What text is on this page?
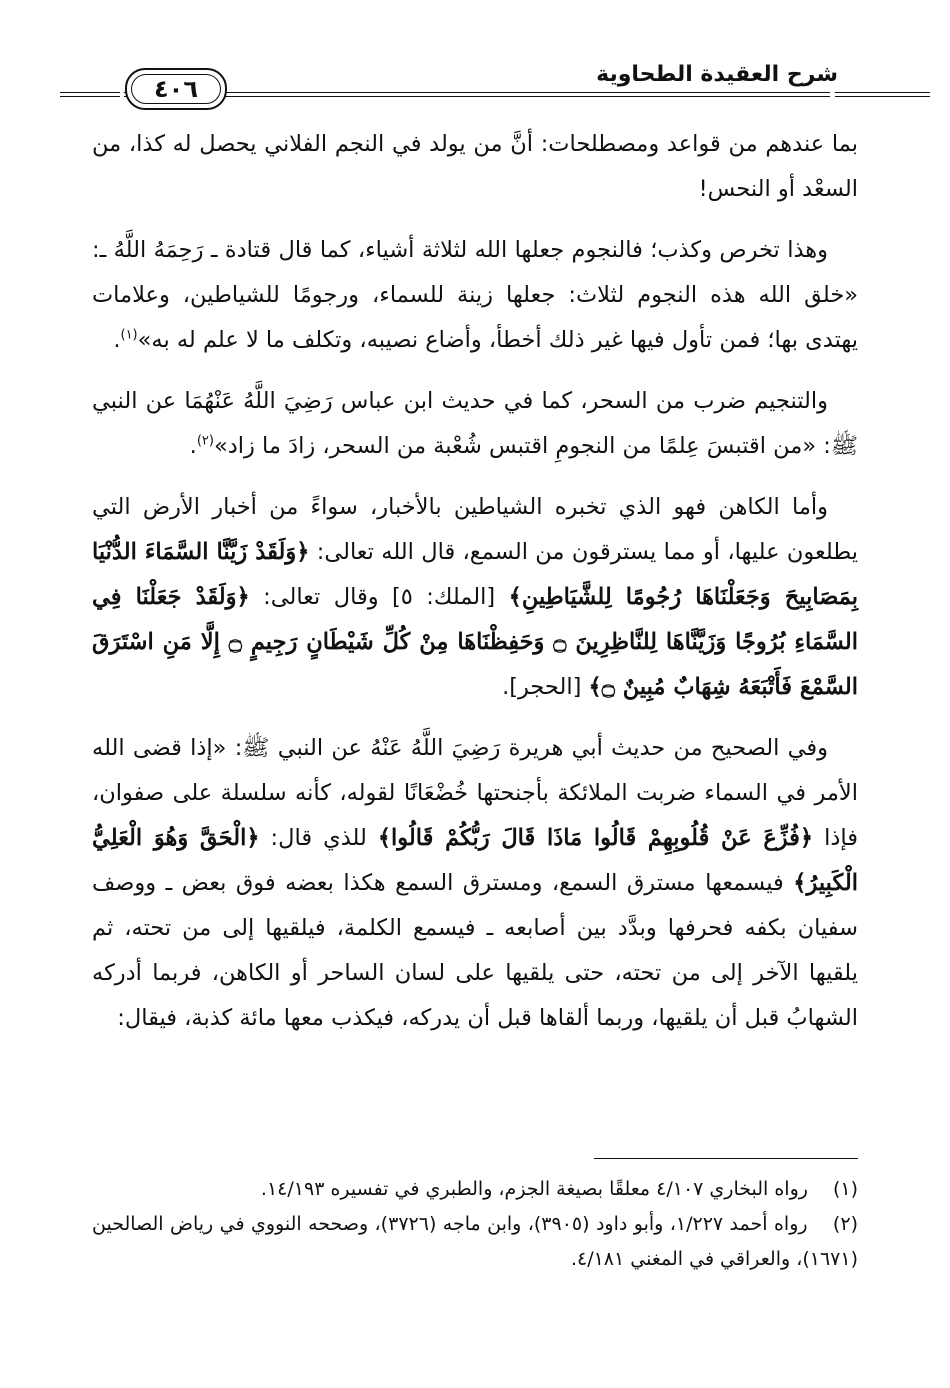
شرح العقيدة الطحاوية
٤٠٦

بما عندهم من قواعد ومصطلحات: أنَّ من يولد في النجم الفلاني يحصل له كذا، من السعْد أو النحس!

وهذا تخرص وكذب؛ فالنجوم جعلها الله لثلاثة أشياء، كما قال قتادة ـ رَحِمَهُ اللَّهُ ـ: «خلق الله هذه النجوم لثلاث: جعلها زينة للسماء، ورجومًا للشياطين، وعلامات يهتدى بها؛ فمن تأول فيها غير ذلك أخطأ، وأضاع نصيبه، وتكلف ما لا علم له به»$^{(١)}$.

والتنجيم ضرب من السحر، كما في حديث ابن عباس رَضِيَ اللَّهُ عَنْهُمَا عن النبي ﷺ: «من اقتبسَ عِلمًا من النجومِ اقتبس شُعْبة من السحر، زادَ ما زاد»$^{(٢)}$.

وأما الكاهن فهو الذي تخبره الشياطين بالأخبار، سواءً من أخبار الأرض التي يطلعون عليها، أو مما يسترقون من السمع، قال الله تعالى: ﴿وَلَقَدْ زَيَّنَّا السَّمَاءَ الدُّنْيَا بِمَصَابِيحَ وَجَعَلْنَاهَا رُجُومًا لِلشَّيَاطِينِ﴾ [الملك: ٥] وقال تعالى: ﴿وَلَقَدْ جَعَلْنَا فِي السَّمَاءِ بُرُوجًا وَزَيَّنَّاهَا لِلنَّاظِرِينَ ۝ وَحَفِظْنَاهَا مِنْ كُلِّ شَيْطَانٍ رَجِيمٍ ۝ إِلَّا مَنِ اسْتَرَقَ السَّمْعَ فَأَتْبَعَهُ شِهَابٌ مُبِينٌ ۝﴾ [الحجر].

وفي الصحيح من حديث أبي هريرة رَضِيَ اللَّهُ عَنْهُ عن النبي ﷺ: «إذا قضى الله الأمر في السماء ضربت الملائكة بأجنحتها خُضْعَانًا لقوله، كأنه سلسلة على صفوان، فإذا ﴿فُزِّعَ عَنْ قُلُوبِهِمْ قَالُوا مَاذَا قَالَ رَبُّكُمْ قَالُوا﴾ للذي قال: ﴿الْحَقَّ وَهُوَ الْعَلِيُّ الْكَبِيرُ﴾ فيسمعها مسترق السمع، ومسترق السمع هكذا بعضه فوق بعض ـ ووصف سفيان بكفه فحرفها وبدَّد بين أصابعه ـ فيسمع الكلمة، فيلقيها إلى من تحته، ثم يلقيها الآخر إلى من تحته، حتى يلقيها على لسان الساحر أو الكاهن، فربما أدركه الشهابُ قبل أن يلقيها، وربما ألقاها قبل أن يدركه، فيكذب معها مائة كذبة، فيقال:

(١) رواه البخاري ٤/١٠٧ معلقًا بصيغة الجزم، والطبري في تفسيره ١٤/١٩٣.

(٢) رواه أحمد ١/٢٢٧، وأبو داود (٣٩٠٥)، وابن ماجه (٣٧٢٦)، وصححه النووي في رياض الصالحين (١٦٧١)، والعراقي في المغني ٤/١٨١.
